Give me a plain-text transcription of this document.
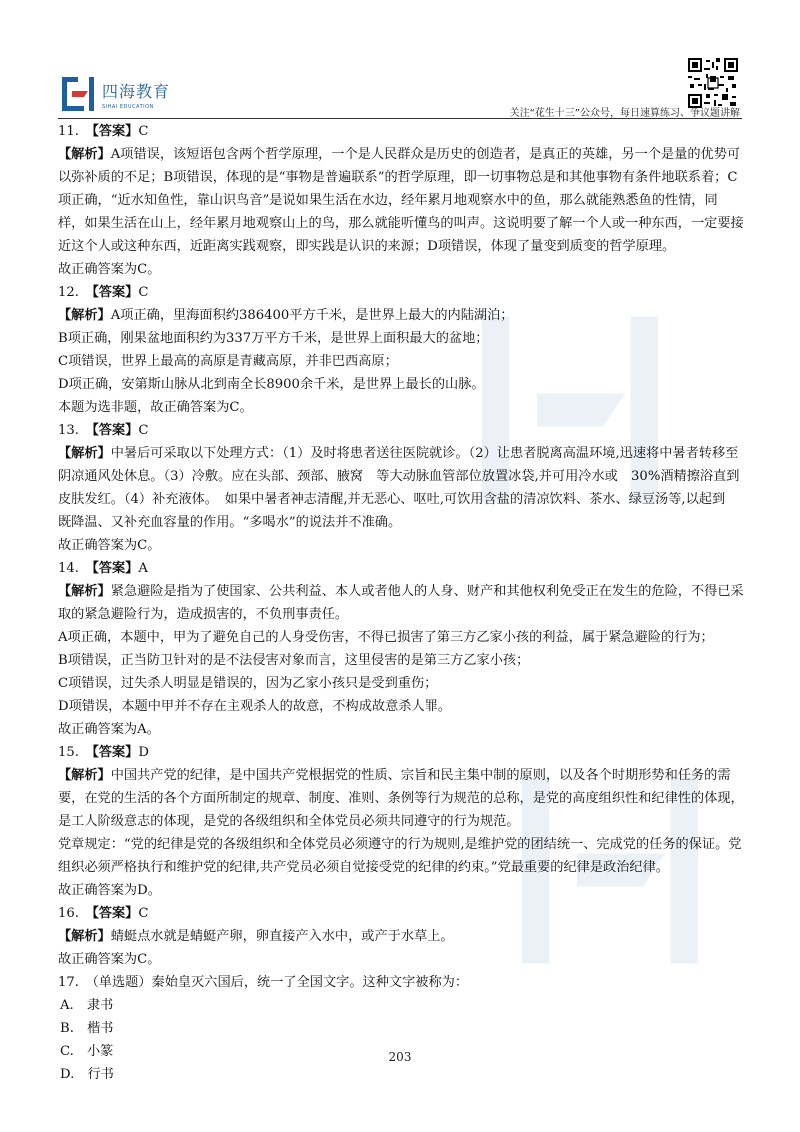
四海教育
SIHAI EDUCATION
关注“花生十三”公众号，每日速算练习、争议题讲解

11.　 【答案】C

【解析】A项错误，该短语包含两个哲学原理，一个是人民群众是历史的创造者，是真正的英雄，另一个是量的优势可以弥补质的不足；B项错误，体现的是“事物是普遍联系”的哲学原理，即一切事物总是和其他事物有条件地联系着；C项正确，“近水知鱼性，靠山识鸟音”是说如果生活在水边，经年累月地观察水中的鱼，那么就能熟悉鱼的性情，同样，如果生活在山上，经年累月地观察山上的鸟，那么就能听懂鸟的叫声。这说明要了解一个人或一种东西，一定要接近这个人或这种东西，近距离实践观察，即实践是认识的来源；D项错误，体现了量变到质变的哲学原理。

故正确答案为C。

12.　 【答案】C

【解析】A项正确，里海面积约386400平方千米，是世界上最大的内陆湖泊；

B项正确，刚果盆地面积约为337万平方千米，是世界上面积最大的盆地；

C项错误，世界上最高的高原是青藏高原，并非巴西高原；

D项正确，安第斯山脉从北到南全长8900余千米，是世界上最长的山脉。

本题为选非题，故正确答案为C。

13.　 【答案】C

【解析】中暑后可采取以下处理方式：（1）及时将患者送往医院就诊。（2）让患者脱离高温环境,迅速将中暑者转移至阴凉通风处休息。（3）冷敷。应在头部、颈部、腋窝　等大动脉血管部位放置冰袋,并可用冷水或　30%酒精擦浴直到皮肤发红。（4）补充液体。　如果中暑者神志清醒,并无恶心、呕吐,可饮用含盐的清凉饮料、茶水、绿豆汤等,以起到　既降温、又补充血容量的作用。“多喝水”的说法并不准确。

故正确答案为C。

14.　 【答案】A

【解析】紧急避险是指为了使国家、公共利益、本人或者他人的人身、财产和其他权利免受正在发生的危险，不得已采取的紧急避险行为，造成损害的，不负刑事责任。

A项正确，本题中，甲为了避免自己的人身受伤害，不得已损害了第三方乙家小孩的利益，属于紧急避险的行为；

B项错误，正当防卫针对的是不法侵害对象而言，这里侵害的是第三方乙家小孩；

C项错误，过失杀人明显是错误的，因为乙家小孩只是受到重伤；

D项错误，本题中甲并不存在主观杀人的故意，不构成故意杀人罪。

故正确答案为A。

15.　 【答案】D

【解析】中国共产党的纪律，是中国共产党根据党的性质、宗旨和民主集中制的原则，以及各个时期形势和任务的需要，在党的生活的各个方面所制定的规章、制度、准则、条例等行为规范的总称，是党的高度组织性和纪律性的体现，是工人阶级意志的体现，是党的各级组织和全体党员必须共同遵守的行为规范。

党章规定：“党的纪律是党的各级组织和全体党员必须遵守的行为规则,是维护党的团结统一、完成党的任务的保证。党组织必须严格执行和维护党的纪律,共产党员必须自觉接受党的纪律的约束。”党最重要的纪律是政治纪律。

故正确答案为D。

16.　 【答案】C

【解析】蜻蜓点水就是蜻蜓产卵，卵直接产入水中，或产于水草上。

故正确答案为C。

17.　 （单选题）秦始皇灭六国后，统一了全国文字。这种文字被称为：

A.　隶书

B.　楷书

C.　小篆

D.　行书

203
